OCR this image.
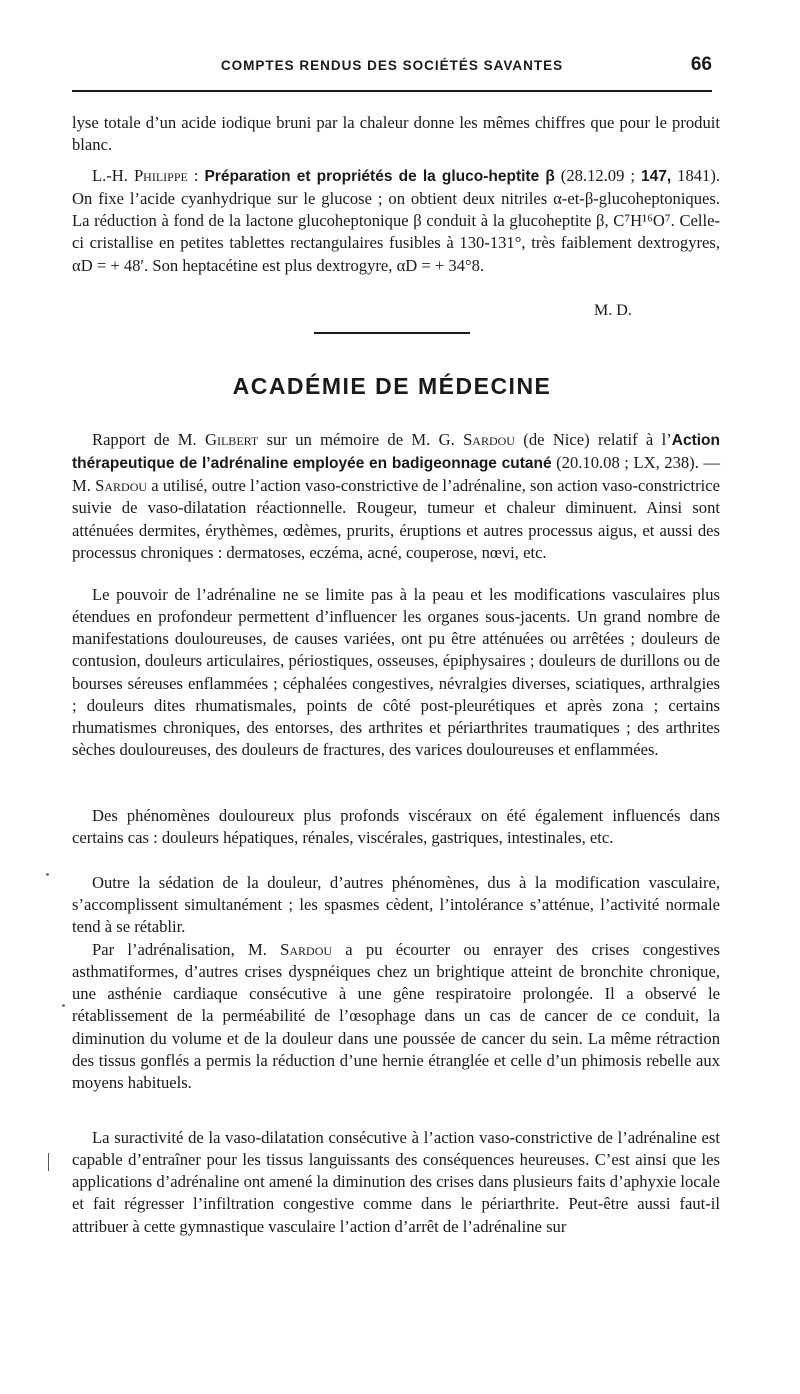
COMPTES RENDUS DES SOCIÉTÉS SAVANTES	66

lyse totale d’un acide iodique bruni par la chaleur donne les mêmes chiffres que pour le produit blanc.

L.-H. Philippe : Préparation et propriétés de la gluco-heptite β (28.12.09 ; 147, 1841). On fixe l’acide cyanhydrique sur le glucose ; on obtient deux nitriles α-et-β-glucoheptoniques. La réduction à fond de la lactone glucoheptonique β conduit à la glucoheptite β, C⁷H¹⁶O⁷. Celle-ci cristallise en petites tablettes rectangulaires fusibles à 130-131°, très faiblement dextrogyres, αD = + 48′. Son heptacétine est plus dextrogyre, αD = + 34°8.

M. D.
ACADÉMIE DE MÉDECINE

Rapport de M. Gilbert sur un mémoire de M. G. Sardou (de Nice) relatif à l’Action thérapeutique de l’adrénaline employée en badigeonnage cutané (20.10.08 ; LX, 238). — M. Sardou a utilisé, outre l’action vaso-constrictive de l’adrénaline, son action vaso-constrictrice suivie de vaso-dilatation réactionnelle. Rougeur, tumeur et chaleur diminuent. Ainsi sont atténuées dermites, érythèmes, œdèmes, prurits, éruptions et autres processus aigus, et aussi des processus chroniques : dermatoses, eczéma, acné, couperose, nœvi, etc.

Le pouvoir de l’adrénaline ne se limite pas à la peau et les modifications vasculaires plus étendues en profondeur permettent d’influencer les organes sous-jacents. Un grand nombre de manifestations douloureuses, de causes variées, ont pu être atténuées ou arrêtées ; douleurs de contusion, douleurs articulaires, périostiques, osseuses, épiphysaires ; douleurs de durillons ou de bourses séreuses enflammées ; céphalées congestives, névralgies diverses, sciatiques, arthralgies ; douleurs dites rhumatismales, points de côté post-pleurétiques et après zona ; certains rhumatismes chroniques, des entorses, des arthrites et périarthrites traumatiques ; des arthrites sèches douloureuses, des douleurs de fractures, des varices douloureuses et enflammées.

Des phénomènes douloureux plus profonds viscéraux on été également influencés dans certains cas : douleurs hépatiques, rénales, viscérales, gastriques, intestinales, etc.

Outre la sédation de la douleur, d’autres phénomènes, dus à la modification vasculaire, s’accomplissent simultanément ; les spasmes cèdent, l’intolérance s’atténue, l’activité normale tend à se rétablir.

Par l’adrénalisation, M. Sardou a pu écourter ou enrayer des crises congestives asthmatiformes, d’autres crises dyspnéiques chez un brightique atteint de bronchite chronique, une asthénie cardiaque consécutive à une gêne respiratoire prolongée. Il a observé le rétablissement de la perméabilité de l’œsophage dans un cas de cancer de ce conduit, la diminution du volume et de la douleur dans une poussée de cancer du sein. La même rétraction des tissus gonflés a permis la réduction d’une hernie étranglée et celle d’un phimosis rebelle aux moyens habituels.

La suractivité de la vaso-dilatation consécutive à l’action vaso-constrictive de l’adrénaline est capable d’entraîner pour les tissus languissants des conséquences heureuses. C’est ainsi que les applications d’adrénaline ont amené la diminution des crises dans plusieurs faits d’aphyxie locale et fait régresser l’infiltration congestive comme dans le périarthrite. Peut-être aussi faut-il attribuer à cette gymnastique vasculaire l’action d’arrêt de l’adrénaline sur
